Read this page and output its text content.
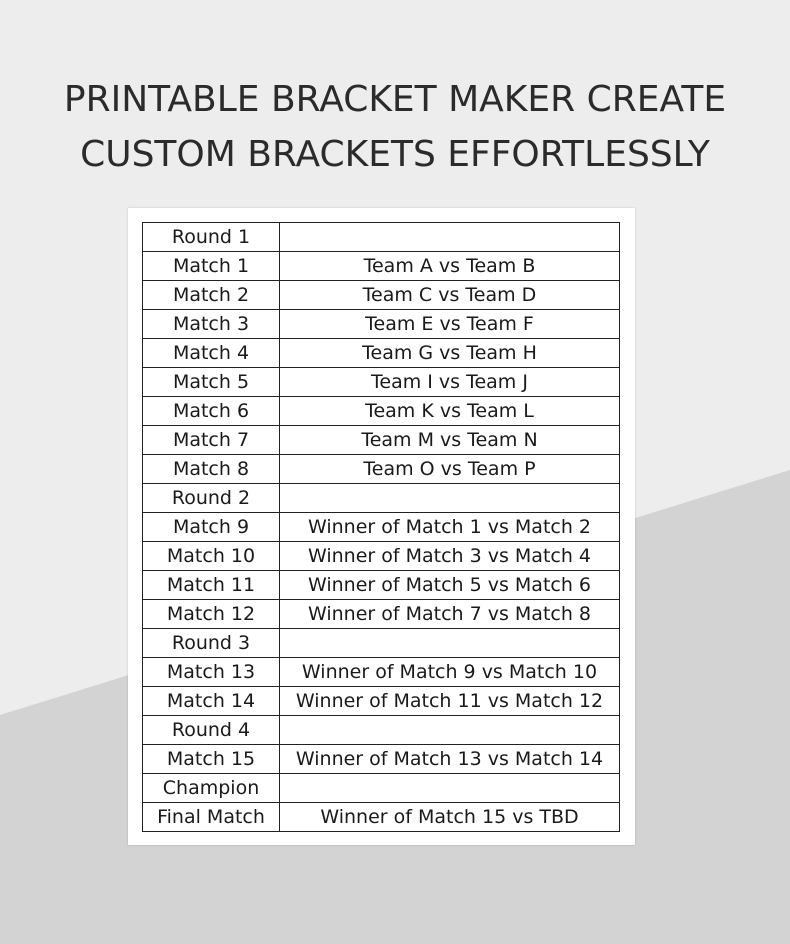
PRINTABLE BRACKET MAKER CREATE
CUSTOM BRACKETS EFFORTLESSLY
Round 1	
Match 1	Team A vs Team B
Match 2	Team C vs Team D
Match 3	Team E vs Team F
Match 4	Team G vs Team H
Match 5	Team I vs Team J
Match 6	Team K vs Team L
Match 7	Team M vs Team N
Match 8	Team O vs Team P
Round 2	
Match 9	Winner of Match 1 vs Match 2
Match 10	Winner of Match 3 vs Match 4
Match 11	Winner of Match 5 vs Match 6
Match 12	Winner of Match 7 vs Match 8
Round 3	
Match 13	Winner of Match 9 vs Match 10
Match 14	Winner of Match 11 vs Match 12
Round 4	
Match 15	Winner of Match 13 vs Match 14
Champion	
Final Match	Winner of Match 15 vs TBD
